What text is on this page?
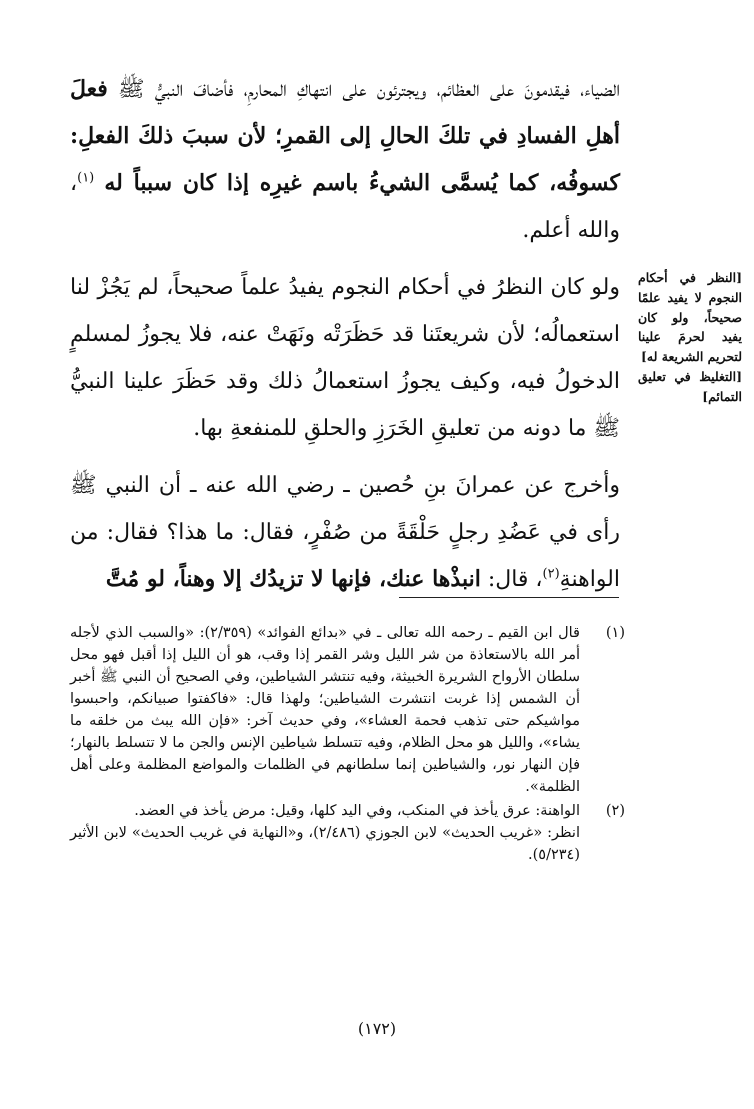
الضياء، فيقدمونَ على العظائم، ويجترئون على انتهاكِ المحارمِ، فأضافَ النبيُّ ﷺ فعلَ أهلِ الفسادِ في تلكَ الحالِ إلى القمرِ؛ لأن سببَ ذلكَ الفعلِ: كسوفُه، كما يُسمَّى الشيءُ باسم غيرِه إذا كان سبباً له $^{(١)}$، والله أعلم.

ولو كان النظرُ في أحكام النجوم يفيدُ علماً صحيحاً، لم يَجُزْ لنا استعمالُه؛ لأن شريعتَنا قد حَظَرَتْه ونَهَتْ عنه، فلا يجوزُ لمسلمٍ الدخولُ فيه، وكيف يجوزُ استعمالُ ذلك وقد حَظَرَ علينا النبيُّ ﷺ ما دونه من تعليقِ الخَرَزِ والحلقِ للمنفعةِ بها.

وأخرج عن عمرانَ بنِ حُصين ـ رضي الله عنه ـ أن النبي ﷺ رأى في عَضُدِ رجلٍ حَلْقَةً من صُفْرٍ، فقال: ما هذا؟ فقال: من الواهنةِ$^{(٢)}$، قال: انبذْها عنك، فإنها لا تزيدُك إلا وهناً، لو مُتَّ

[النظر في أحكام النجوم لا يفيد علمًا صحيحاً، ولو كان يفيد لحرمَ علينا لتحريم الشريعة له]

[التغليظ في تعليق التمائم]

(١)

قال ابن القيم ـ رحمه الله تعالى ـ في «بدائع الفوائد» (٢/٣٥٩): «والسبب الذي لأجله أمر الله بالاستعاذة من شر الليل وشر القمر إذا وقب، هو أن الليل إذا أقبل فهو محل سلطان الأرواح الشريرة الخبيثة، وفيه تنتشر الشياطين، وفي الصحيح أن النبي ﷺ أخبر أن الشمس إذا غربت انتشرت الشياطين؛ ولهذا قال: «فاكفتوا صبيانكم، واحبسوا مواشيكم حتى تذهب فحمة العشاء»، وفي حديث آخر: «فإن الله يبث من خلقه ما يشاء»، والليل هو محل الظلام، وفيه تتسلط شياطين الإنس والجن ما لا تتسلط بالنهار؛ فإن النهار نور، والشياطين إنما سلطانهم في الظلمات والمواضع المظلمة وعلى أهل الظلمة».

(٢)

الواهنة: عرق يأخذ في المنكب، وفي اليد كلها، وقيل: مرض يأخذ في العضد.

انظر: «غريب الحديث» لابن الجوزي (٢/٤٨٦)، و«النهاية في غريب الحديث» لابن الأثير (٥/٢٣٤).

(١٧٢)
